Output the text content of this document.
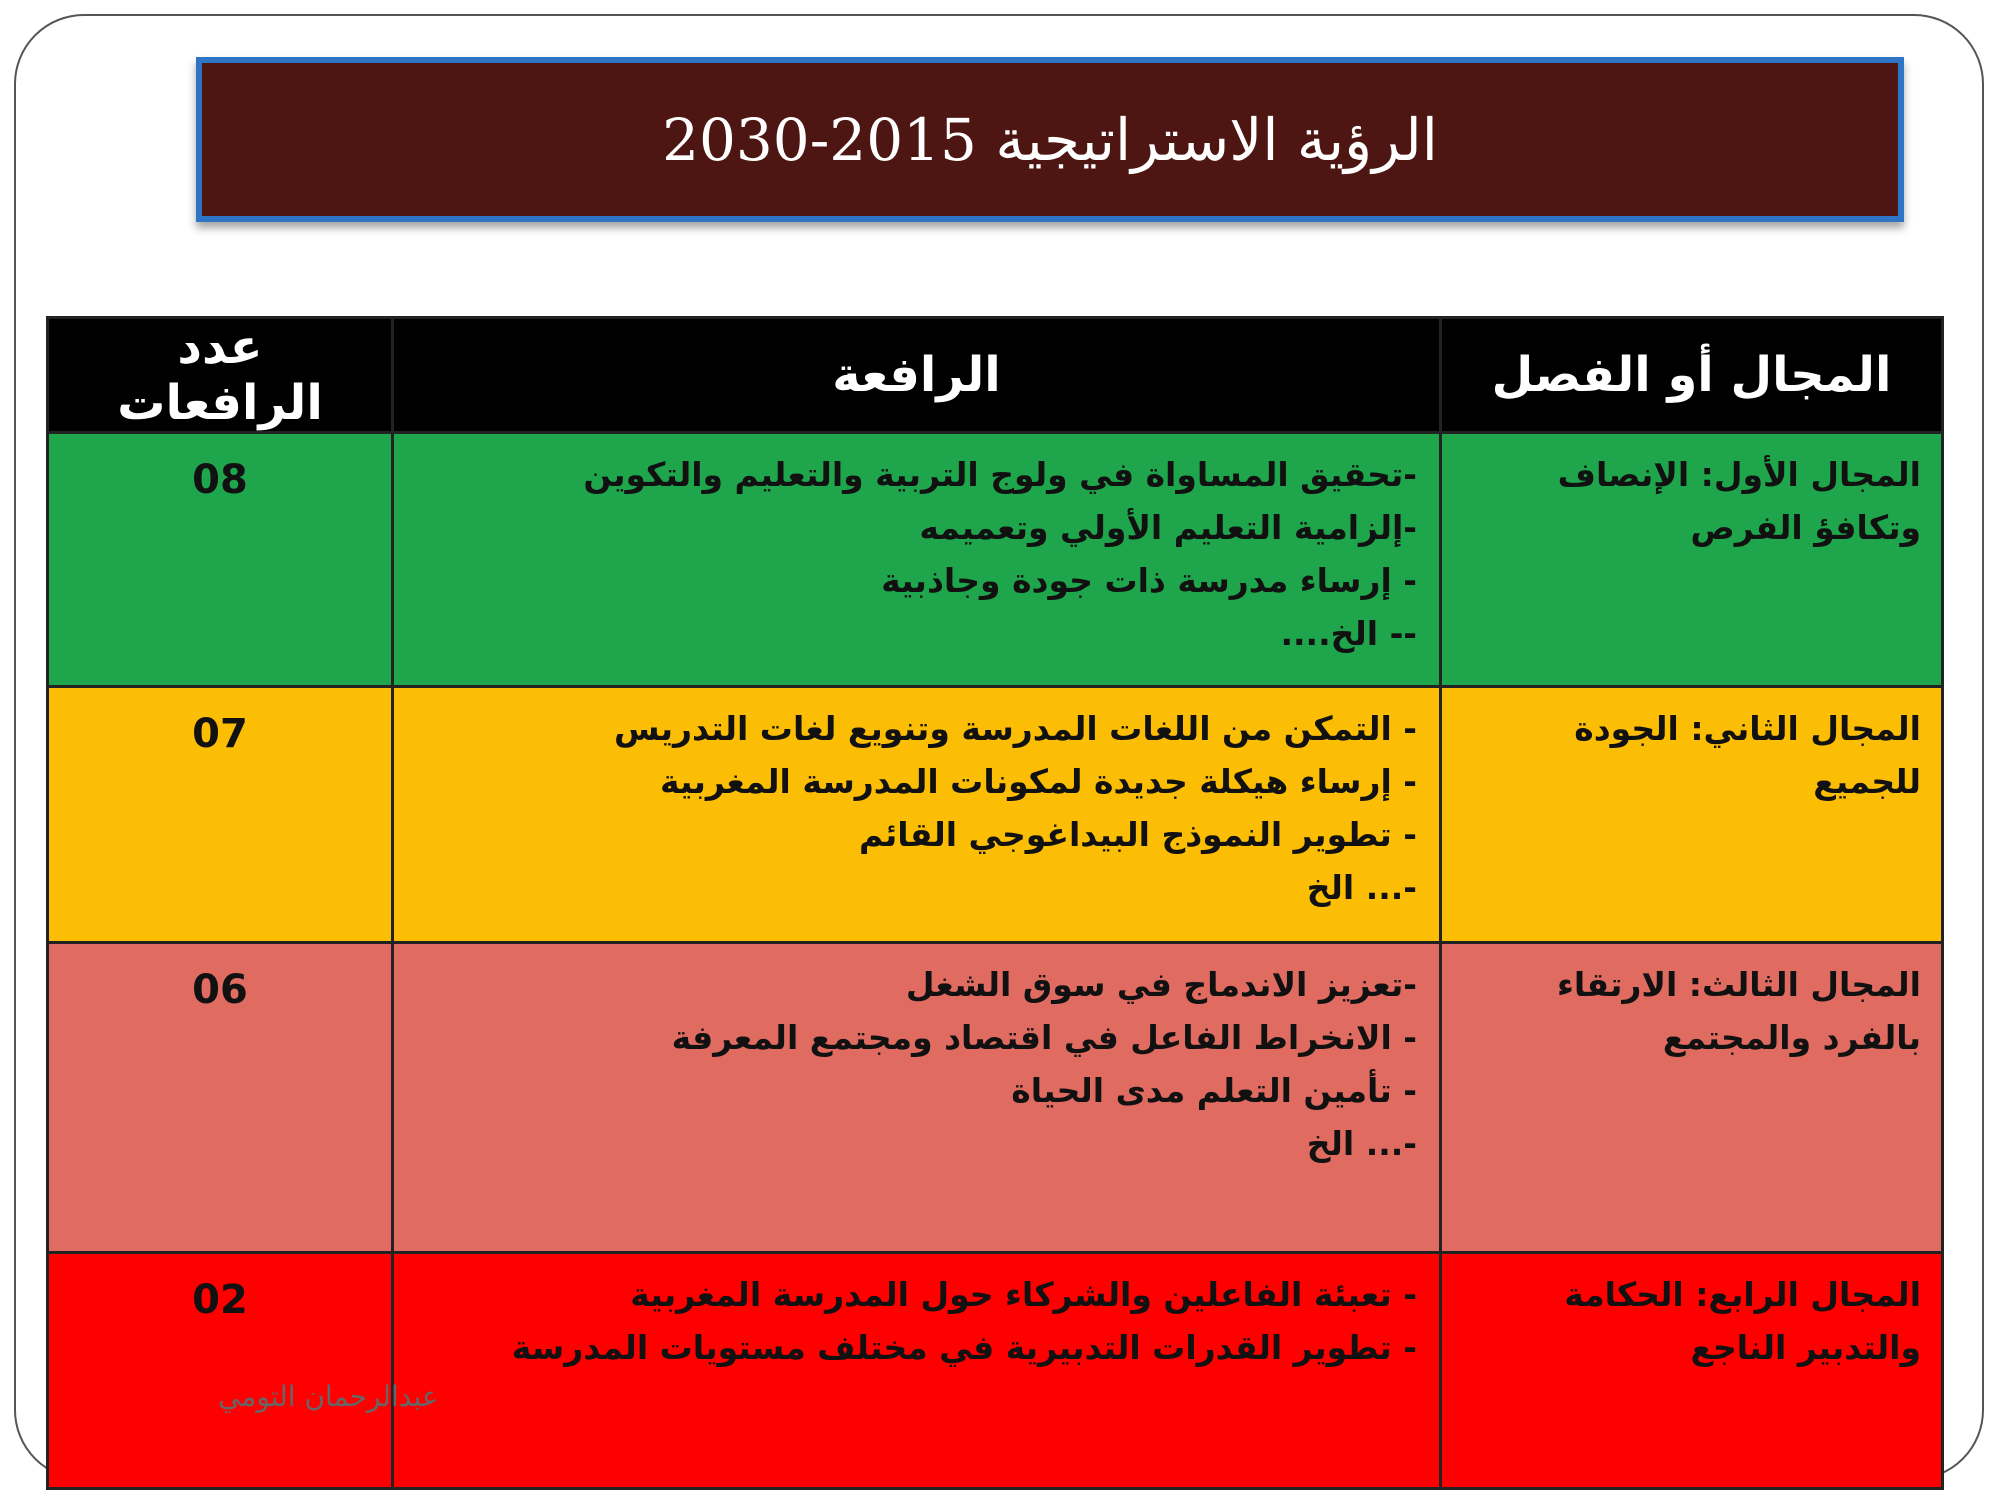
الرؤية الاستراتيجية 2015-2030
المجال أو الفصل	الرافعة	عدد الرافعات
المجال الأول: الإنصاف وتكافؤ الفرص	-تحقيق المساواة في ولوج التربية والتعليم والتكوين
-إلزامية التعليم الأولي وتعميمه
- إرساء مدرسة ذات جودة وجاذبية
-- الخ....	08
المجال الثاني: الجودة للجميع	- التمكن من اللغات المدرسة وتنويع لغات التدريس
- إرساء هيكلة جديدة لمكونات المدرسة المغربية
- تطوير النموذج البيداغوجي القائم
-... الخ	07
المجال الثالث: الارتقاء بالفرد والمجتمع	-تعزيز الاندماج في سوق الشغل
- الانخراط الفاعل في اقتصاد ومجتمع المعرفة
- تأمين التعلم مدى الحياة
-... الخ	06
المجال الرابع: الحكامة والتدبير الناجع	- تعبئة الفاعلين والشركاء حول المدرسة المغربية
- تطوير القدرات التدبيرية في مختلف مستويات المدرسة	02
عبدالرحمان التومي
